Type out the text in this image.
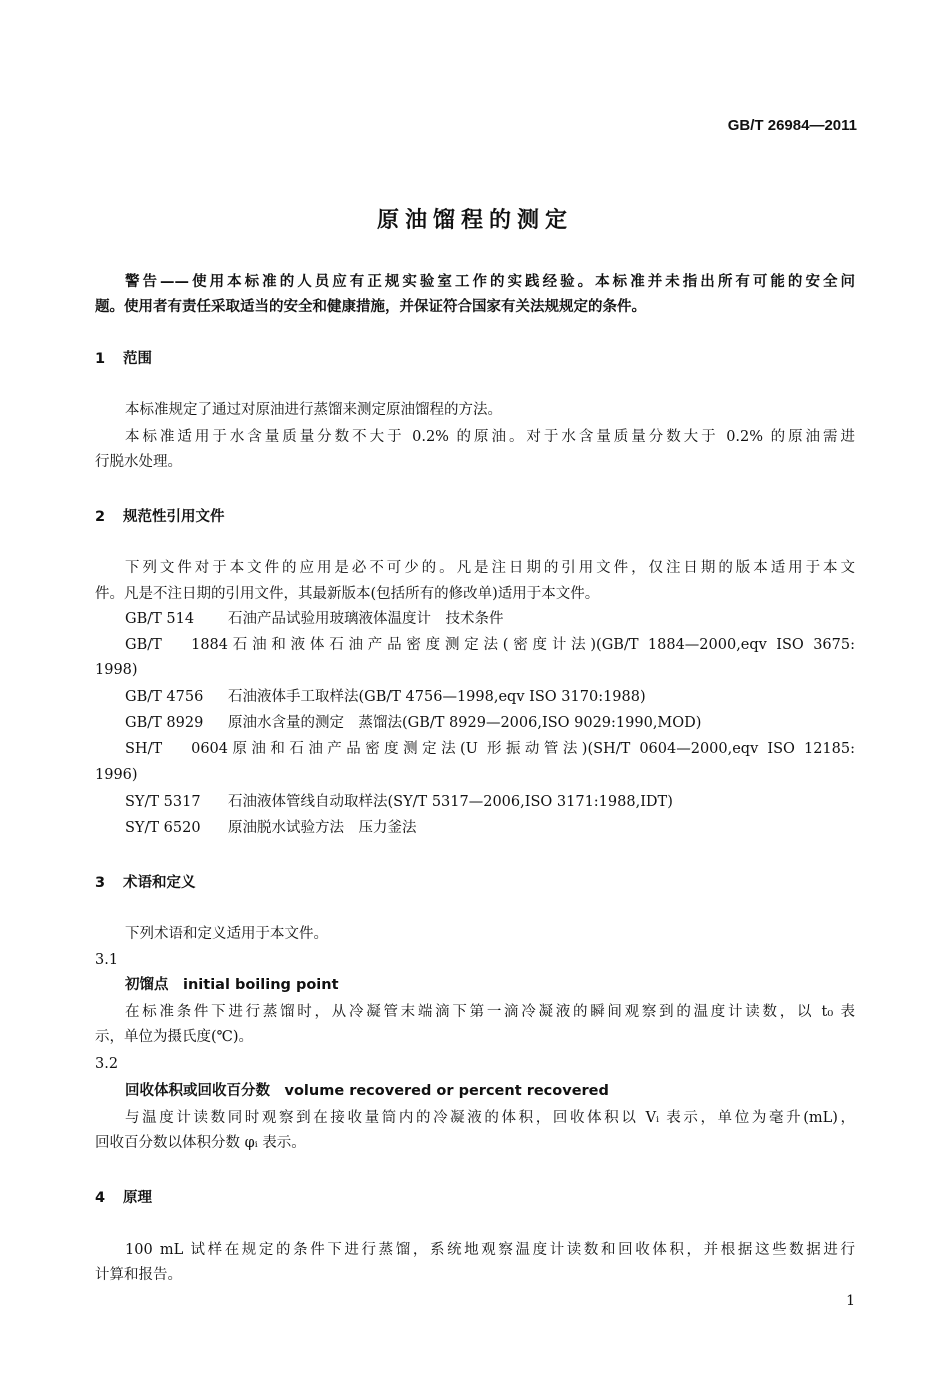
GB/T 26984—2011
原油馏程的测定
警告——使用本标准的人员应有正规实验室工作的实践经验。本标准并未指出所有可能的安全问
题。使用者有责任采取适当的安全和健康措施，并保证符合国家有关法规规定的条件。
1 范围
本标准规定了通过对原油进行蒸馏来测定原油馏程的方法。
本标准适用于水含量质量分数不大于 0.2% 的原油。对于水含量质量分数大于 0.2% 的原油需进
行脱水处理。
2 规范性引用文件
下列文件对于本文件的应用是必不可少的。凡是注日期的引用文件，仅注日期的版本适用于本文
件。凡是不注日期的引用文件，其最新版本(包括所有的修改单)适用于本文件。
GB/T 514 石油产品试验用玻璃液体温度计　技术条件
GB/T 1884石油和液体石油产品密度测定法(密度计法)(GB/T 1884—2000,eqv ISO 3675:
1998)
GB/T 4756 石油液体手工取样法(GB/T 4756—1998,eqv ISO 3170:1988)
GB/T 8929 原油水含量的测定　蒸馏法(GB/T 8929—2006,ISO 9029:1990,MOD)
SH/T 0604原油和石油产品密度测定法(U 形振动管法)(SH/T 0604—2000,eqv ISO 12185:
1996)
SY/T 5317 石油液体管线自动取样法(SY/T 5317—2006,ISO 3171:1988,IDT)
SY/T 6520 原油脱水试验方法　压力釜法
3 术语和定义
下列术语和定义适用于本文件。
3.1
初馏点　initial boiling point
在标准条件下进行蒸馏时，从冷凝管末端滴下第一滴冷凝液的瞬间观察到的温度计读数，以 t₀ 表
示，单位为摄氏度(℃)。
3.2
回收体积或回收百分数　volume recovered or percent recovered
与温度计读数同时观察到在接收量筒内的冷凝液的体积，回收体积以 Vᵢ 表示，单位为毫升(mL)，
回收百分数以体积分数 φᵢ 表示。
4 原理
100 mL 试样在规定的条件下进行蒸馏，系统地观察温度计读数和回收体积，并根据这些数据进行
计算和报告。
1
